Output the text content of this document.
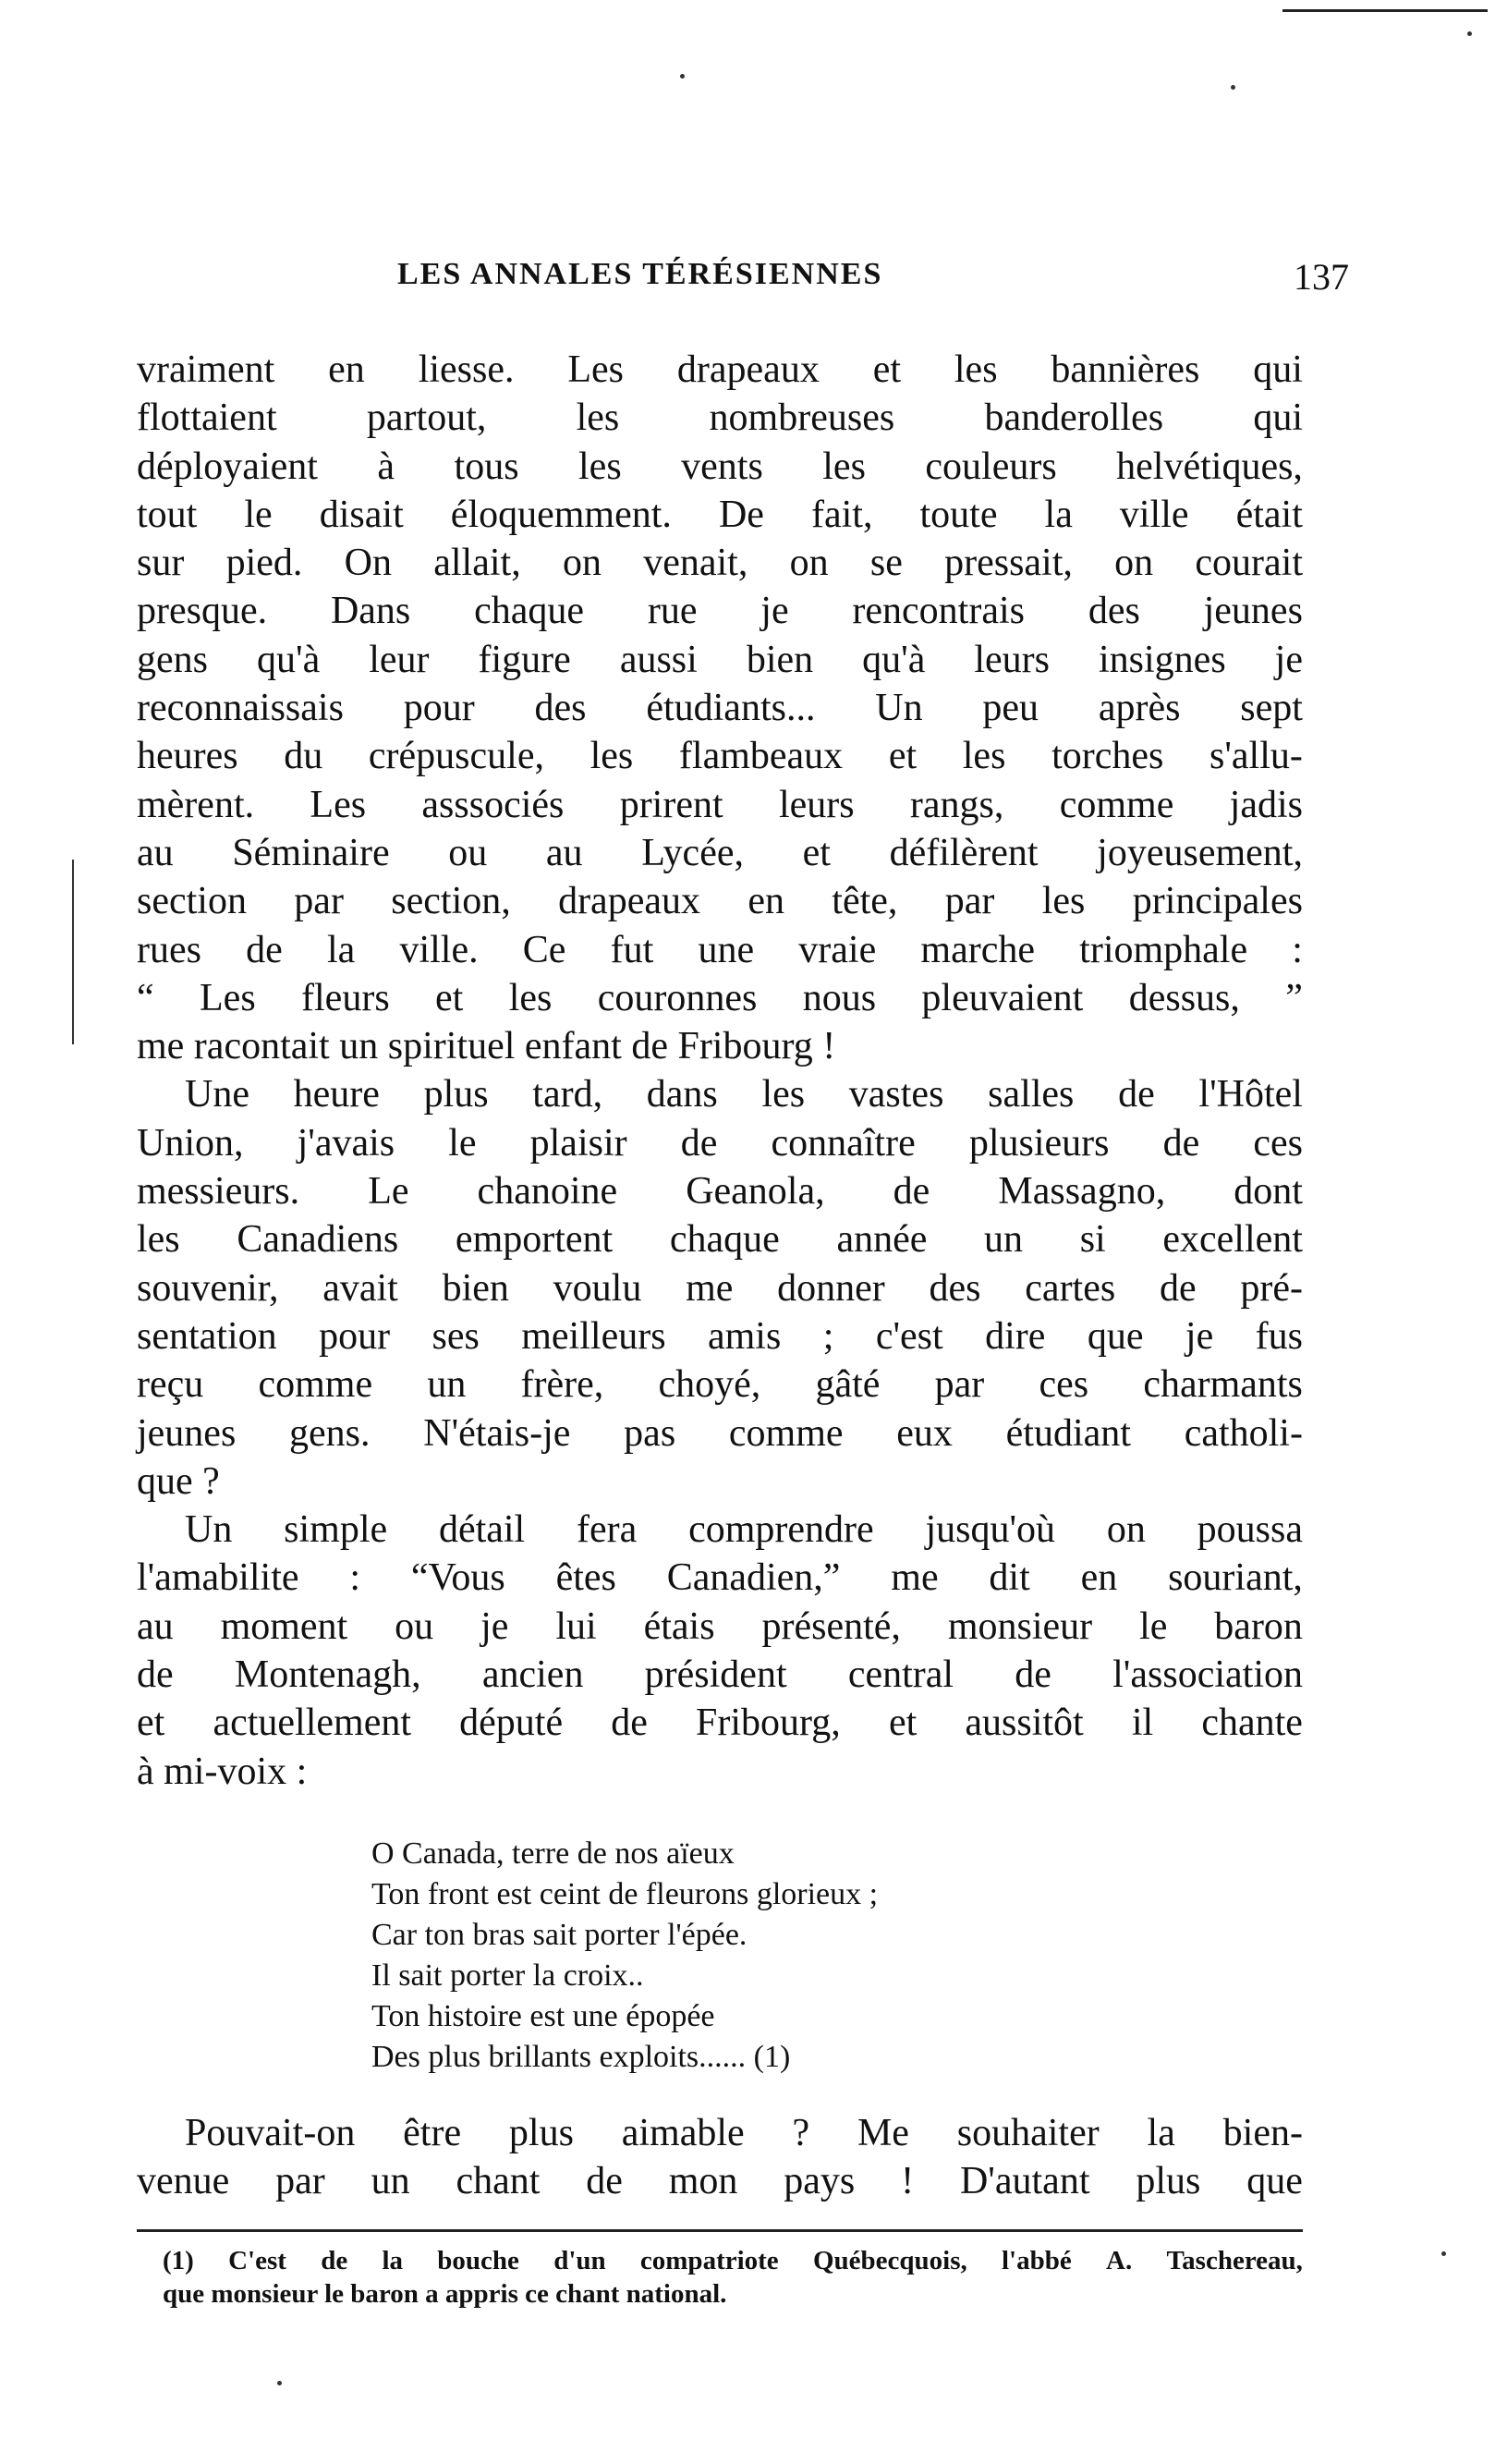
LES ANNALES TÉRÉSIENNES	137
vraiment en liesse. Les drapeaux et les bannières qui
flottaient partout, les nombreuses banderolles qui
déployaient à tous les vents les couleurs helvétiques,
tout le disait éloquemment. De fait, toute la ville était
sur pied. On allait, on venait, on se pressait, on courait
presque. Dans chaque rue je rencontrais des jeunes
gens qu'à leur figure aussi bien qu'à leurs insignes je
reconnaissais pour des étudiants... Un peu après sept
heures du crépuscule, les flambeaux et les torches s'allu-
mèrent. Les asssociés prirent leurs rangs, comme jadis
au Séminaire ou au Lycée, et défilèrent joyeusement,
section par section, drapeaux en tête, par les principales
rues de la ville. Ce fut une vraie marche triomphale :
“ Les fleurs et les couronnes nous pleuvaient dessus, ”
me racontait un spirituel enfant de Fribourg !
Une heure plus tard, dans les vastes salles de l'Hôtel
Union, j'avais le plaisir de connaître plusieurs de ces
messieurs. Le chanoine Geanola, de Massagno, dont
les Canadiens emportent chaque année un si excellent
souvenir, avait bien voulu me donner des cartes de pré-
sentation pour ses meilleurs amis ; c'est dire que je fus
reçu comme un frère, choyé, gâté par ces charmants
jeunes gens. N'étais-je pas comme eux étudiant catholi-
que ?
Un simple détail fera comprendre jusqu'où on poussa
l'amabilite : “Vous êtes Canadien,” me dit en souriant,
au moment ou je lui étais présenté, monsieur le baron
de Montenagh, ancien président central de l'association
et actuellement député de Fribourg, et aussitôt il chante
à mi-voix :
O Canada, terre de nos aïeux
Ton front est ceint de fleurons glorieux ;
Car ton bras sait porter l'épée.
Il sait porter la croix..
Ton histoire est une épopée
Des plus brillants exploits...... (1)
Pouvait-on être plus aimable ? Me souhaiter la bien-
venue par un chant de mon pays ! D'autant plus que
(1) C'est de la bouche d'un compatriote Québecquois, l'abbé A. Taschereau,
que monsieur le baron a appris ce chant national.
